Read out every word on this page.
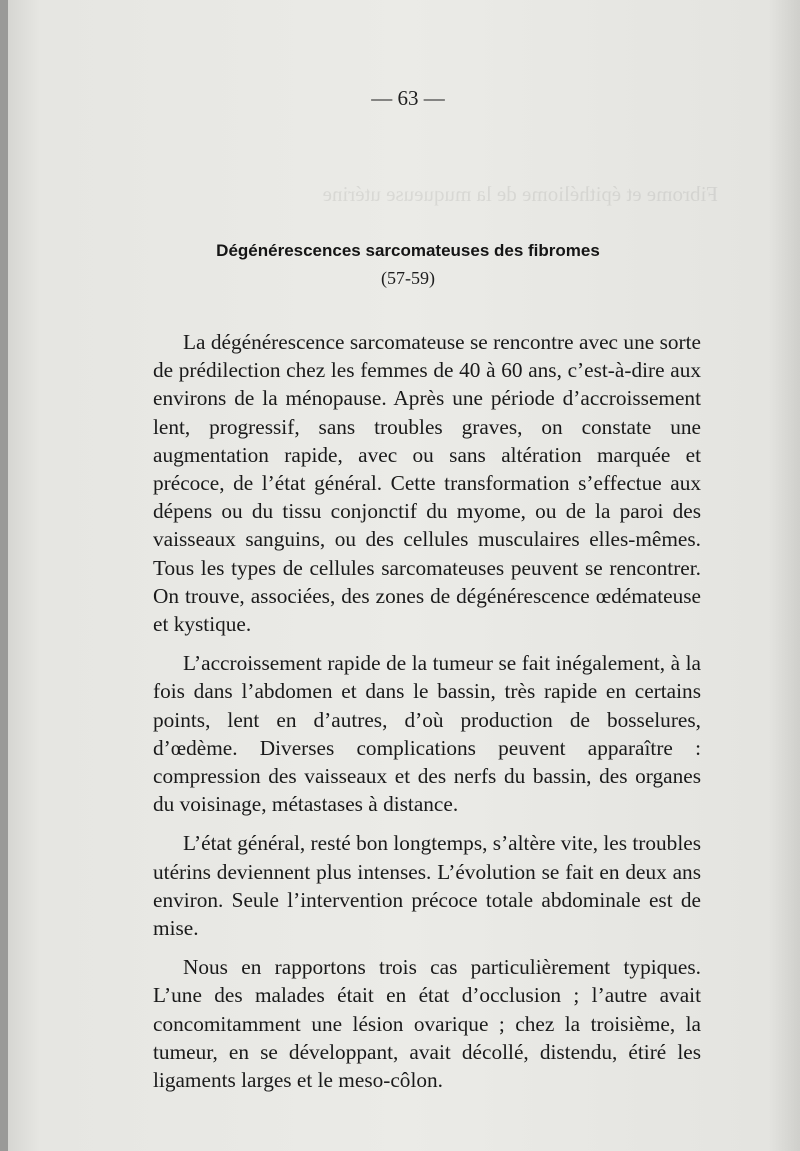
Fibrome et épithéliome de la muqueuse utérine
— 63 —
Dégénérescences sarcomateuses des fibromes
(57-59)

La dégénérescence sarcomateuse se rencontre avec une sorte de prédilection chez les femmes de 40 à 60 ans, c’est-à-dire aux environs de la ménopause. Après une période d’accroissement lent, progressif, sans troubles graves, on constate une augmentation rapide, avec ou sans altération marquée et précoce, de l’état général. Cette transformation s’effectue aux dépens ou du tissu conjonctif du myome, ou de la paroi des vaisseaux sanguins, ou des cellules musculaires elles-mêmes. Tous les types de cellules sarcomateuses peuvent se rencontrer. On trouve, associées, des zones de dégénérescence œdémateuse et kystique.

L’accroissement rapide de la tumeur se fait inégalement, à la fois dans l’abdomen et dans le bassin, très rapide en certains points, lent en d’autres, d’où production de bosselures, d’œdème. Diverses complications peuvent apparaître : compression des vaisseaux et des nerfs du bassin, des organes du voisinage, métastases à distance.

L’état général, resté bon longtemps, s’altère vite, les troubles utérins deviennent plus intenses. L’évolution se fait en deux ans environ. Seule l’intervention précoce totale abdominale est de mise.

Nous en rapportons trois cas particulièrement typiques. L’une des malades était en état d’occlusion ; l’autre avait concomitamment une lésion ovarique ; chez la troisième, la tumeur, en se développant, avait décollé, distendu, étiré les ligaments larges et le meso-côlon.
